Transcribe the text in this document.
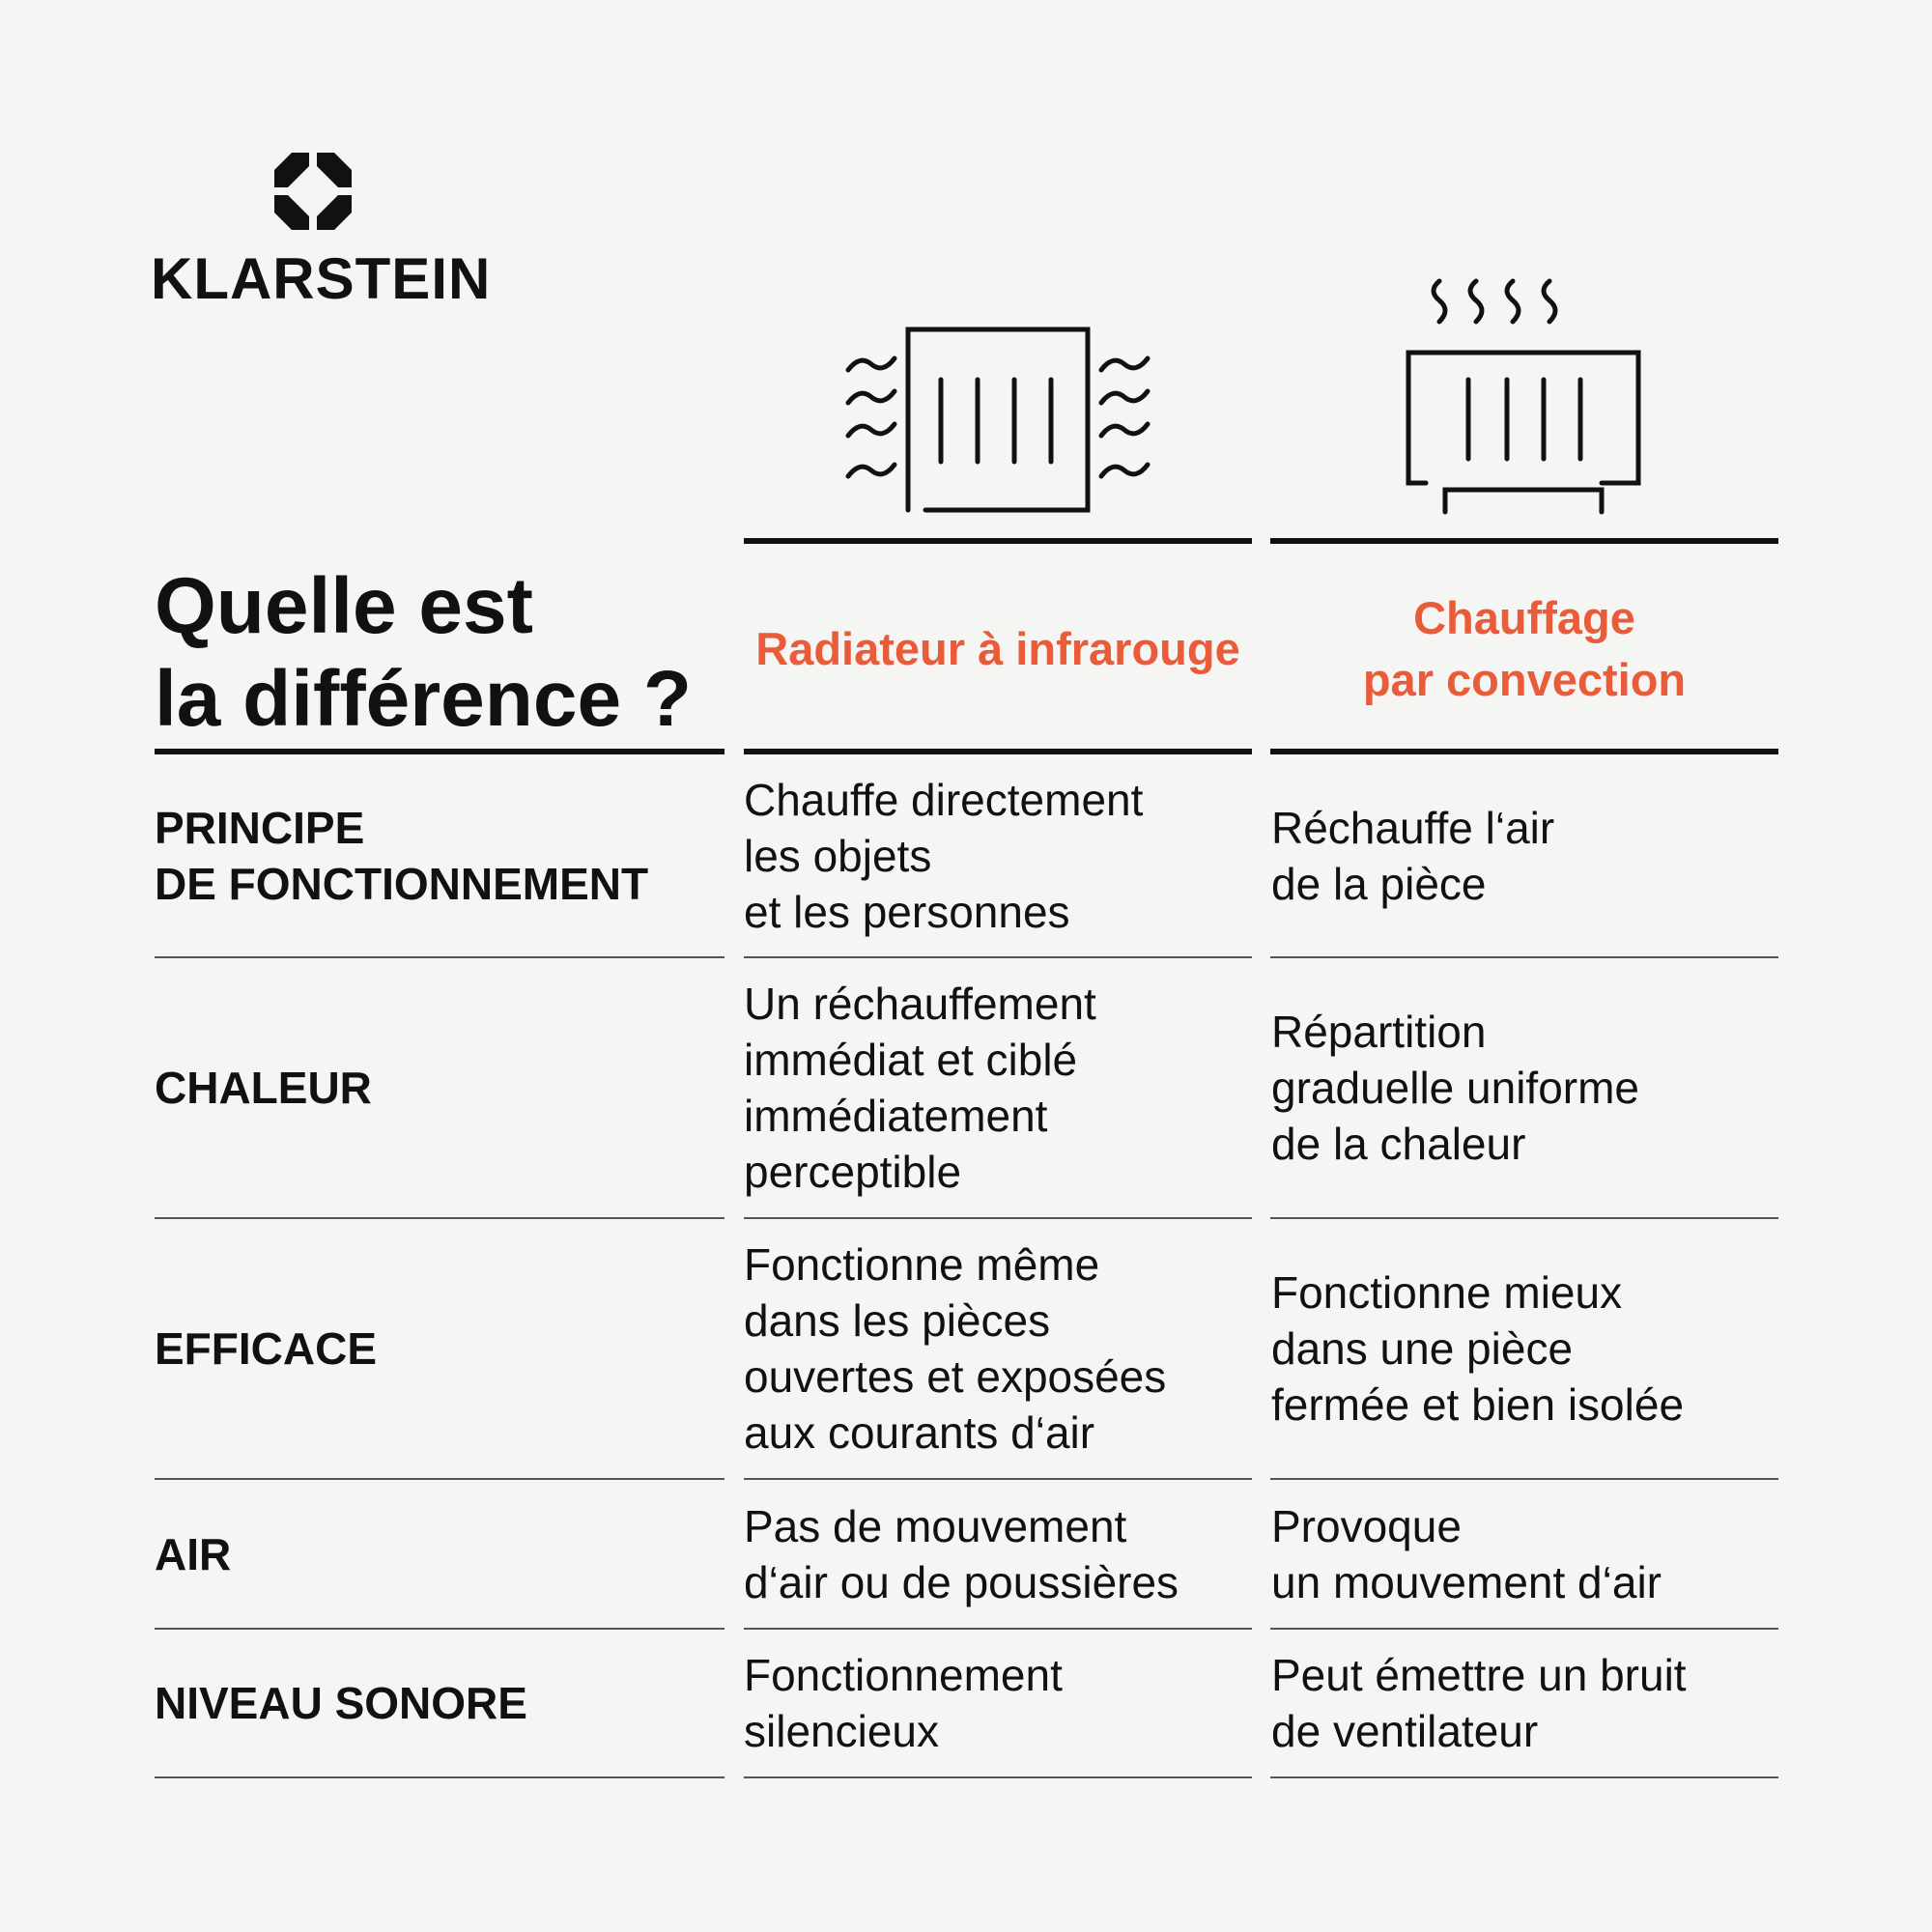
KLARSTEIN
Quelle est
la différence ?
Radiateur à infrarouge
Chauffage
par convection
PRINCIPE
DE FONCTIONNEMENT
Chauffe directement
les objets
et les personnes
Réchauffe l‘air
de la pièce
CHALEUR
Un réchauffement
immédiat et ciblé
immédiatement
perceptible
Répartition
graduelle uniforme
de la chaleur
EFFICACE
Fonctionne même
dans les pièces
ouvertes et exposées
aux courants d‘air
Fonctionne mieux
dans une pièce
fermée et bien isolée
AIR
Pas de mouvement
d‘air ou de poussières
Provoque
un mouvement d‘air
NIVEAU SONORE
Fonctionnement
silencieux
Peut émettre un bruit
de ventilateur
